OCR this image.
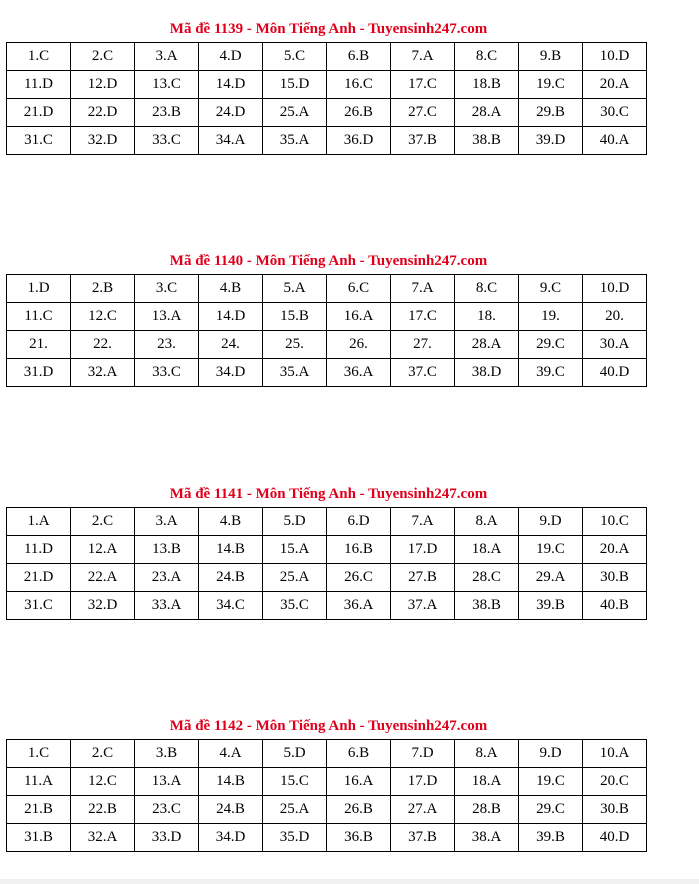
Mã đề 1139 - Môn Tiếng Anh - Tuyensinh247.com
1.C	2.C	3.A	4.D	5.C	6.B	7.A	8.C	9.B	10.D
11.D	12.D	13.C	14.D	15.D	16.C	17.C	18.B	19.C	20.A
21.D	22.D	23.B	24.D	25.A	26.B	27.C	28.A	29.B	30.C
31.C	32.D	33.C	34.A	35.A	36.D	37.B	38.B	39.D	40.A
Mã đề 1140 - Môn Tiếng Anh - Tuyensinh247.com
1.D	2.B	3.C	4.B	5.A	6.C	7.A	8.C	9.C	10.D
11.C	12.C	13.A	14.D	15.B	16.A	17.C	18.	19.	20.
21.	22.	23.	24.	25.	26.	27.	28.A	29.C	30.A
31.D	32.A	33.C	34.D	35.A	36.A	37.C	38.D	39.C	40.D
Mã đề 1141 - Môn Tiếng Anh - Tuyensinh247.com
1.A	2.C	3.A	4.B	5.D	6.D	7.A	8.A	9.D	10.C
11.D	12.A	13.B	14.B	15.A	16.B	17.D	18.A	19.C	20.A
21.D	22.A	23.A	24.B	25.A	26.C	27.B	28.C	29.A	30.B
31.C	32.D	33.A	34.C	35.C	36.A	37.A	38.B	39.B	40.B
Mã đề 1142 - Môn Tiếng Anh - Tuyensinh247.com
1.C	2.C	3.B	4.A	5.D	6.B	7.D	8.A	9.D	10.A
11.A	12.C	13.A	14.B	15.C	16.A	17.D	18.A	19.C	20.C
21.B	22.B	23.C	24.B	25.A	26.B	27.A	28.B	29.C	30.B
31.B	32.A	33.D	34.D	35.D	36.B	37.B	38.A	39.B	40.D
